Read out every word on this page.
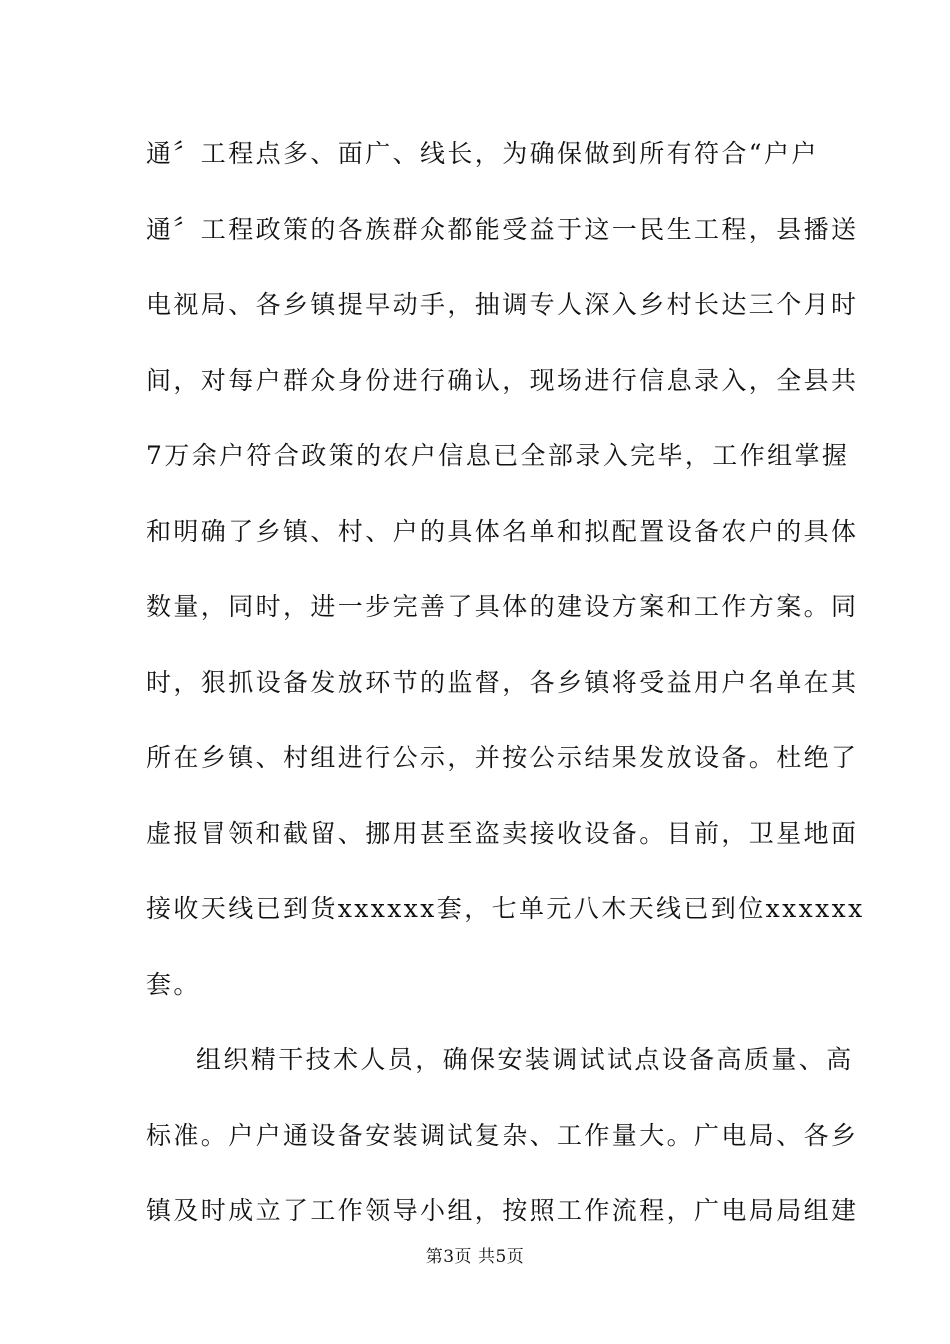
通〞工程点多、面广、线长，为确保做到所有符合“户户
通〞工程政策的各族群众都能受益于这一民生工程，县播送
电视局、各乡镇提早动手，抽调专人深入乡村长达三个月时
间，对每户群众身份进行确认，现场进行信息录入，全县共
7万余户符合政策的农户信息已全部录入完毕，工作组掌握
和明确了乡镇、村、户的具体名单和拟配置设备农户的具体
数量，同时，进一步完善了具体的建设方案和工作方案。同
时，狠抓设备发放环节的监督，各乡镇将受益用户名单在其
所在乡镇、村组进行公示，并按公示结果发放设备。杜绝了
虚报冒领和截留、挪用甚至盗卖接收设备。目前，卫星地面
接收天线已到货xxxxxx套，七单元八木天线已到位xxxxxx
套。
组织精干技术人员，确保安装调试试点设备高质量、高
标准。户户通设备安装调试复杂、工作量大。广电局、各乡
镇及时成立了工作领导小组，按照工作流程，广电局局组建
第3页 共5页
